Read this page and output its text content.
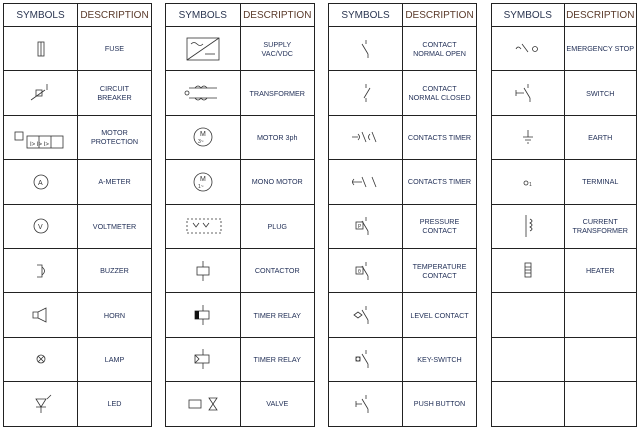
SYMBOLS	DESCRIPTION

	FUSE

	CIRCUIT
BREAKER

I> I> I>	MOTOR
PROTECTION

A	A-METER

V	VOLTMETER

	BUZZER

	HORN

	LAMP

	LED
SYMBOLS	DESCRIPTION

	SUPPLY
VAC/VDC

	TRANSFORMER

M
3~	MOTOR 3ph

M
1~	MONO MOTOR

	PLUG

	CONTACTOR

	TIMER RELAY

	TIMER RELAY

	VALVE
SYMBOLS	DESCRIPTION

	CONTACT
NORMAL OPEN

	CONTACT
NORMAL CLOSED

	CONTACTS TIMER

	CONTACTS TIMER

P	PRESSURE CONTACT

θ	TEMPERATURE
CONTACT

	LEVEL CONTACT

	KEY-SWITCH

	PUSH BUTTON
SYMBOLS	DESCRIPTION

	EMERGENCY STOP

	SWITCH

	EARTH

1	TERMINAL

	CURRENT
TRANSFORMER

	HEATER
